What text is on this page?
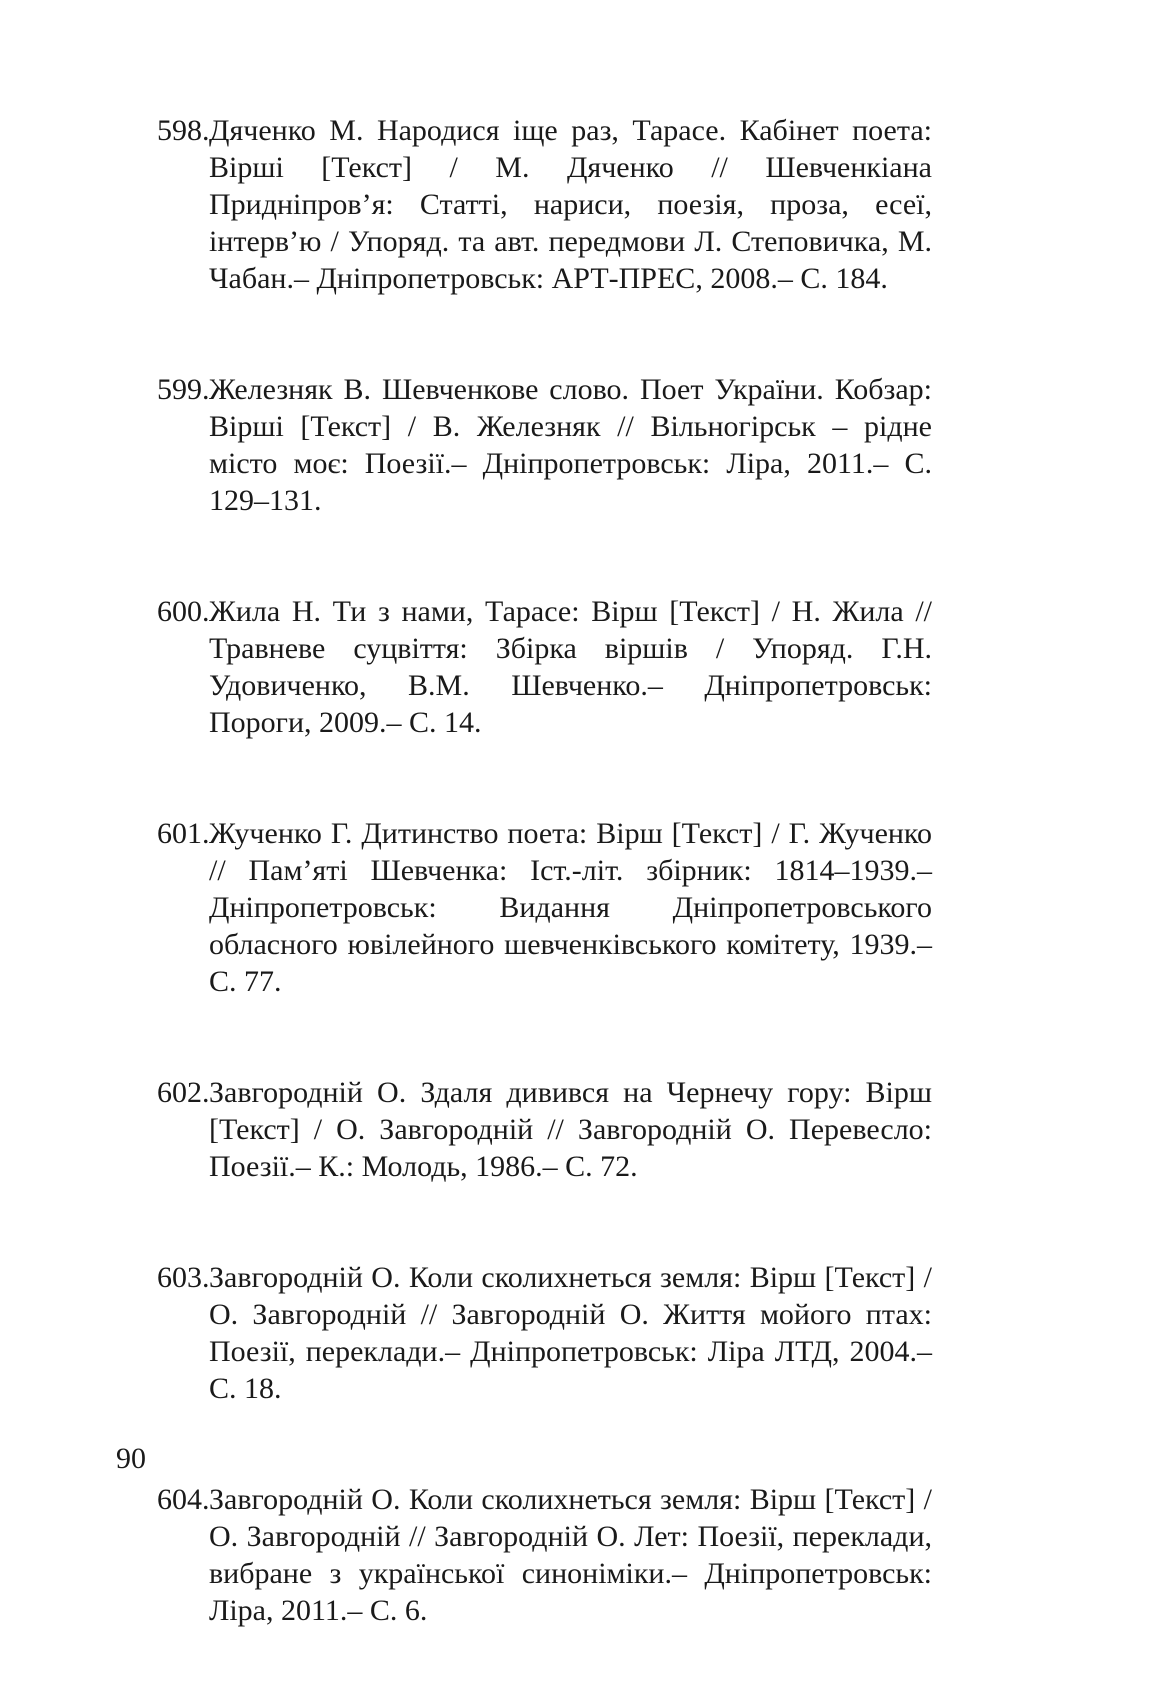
598. Дяченко М. Народися іще раз, Тарасе. Кабінет поета: Вірші [Текст] / М. Дяченко // Шевченкіана Придніпров’я: Статті, нариси, поезія, проза, есеї, інтерв’ю / Упоряд. та авт. передмови Л. Степовичка, М. Чабан.– Дніпропетровськ: АРТ-ПРЕС, 2008.– С. 184.
599. Железняк В. Шевченкове слово. Поет України. Кобзар: Вірші [Текст] / В. Железняк // Вільногірськ – рідне місто моє: Поезії.– Дніпропетровськ: Ліра, 2011.– С. 129–131.
600. Жила Н. Ти з нами, Тарасе: Вірш [Текст] / Н. Жила // Травневе суцвіття: Збірка віршів / Упоряд. Г.Н. Удовиченко, В.М. Шевченко.– Дніпропетровськ: Пороги, 2009.– С. 14.
601. Жученко Г. Дитинство поета: Вірш [Текст] / Г. Жученко // Пам’яті Шевченка: Іст.-літ. збірник: 1814–1939.– Дніпропетровськ: Видання Дніпропетровського обласного ювілейного шевченківського комітету, 1939.– С. 77.
602. Завгородній О. Здаля дивився на Чернечу гору: Вірш [Текст] / О. Завгородній // Завгородній О. Перевесло: Поезії.– К.: Молодь, 1986.– С. 72.
603. Завгородній О. Коли сколихнеться земля: Вірш [Текст] / О. Завгородній // Завгородній О. Життя мойого птах: Поезії, переклади.– Дніпропетровськ: Ліра ЛТД, 2004.– С. 18.
604. Завгородній О. Коли сколихнеться земля: Вірш [Текст] / О. Завгородній // Завгородній О. Лет: Поезії, переклади, вибране з української синоніміки.– Дніпропетровськ: Ліра, 2011.– С. 6.
90
